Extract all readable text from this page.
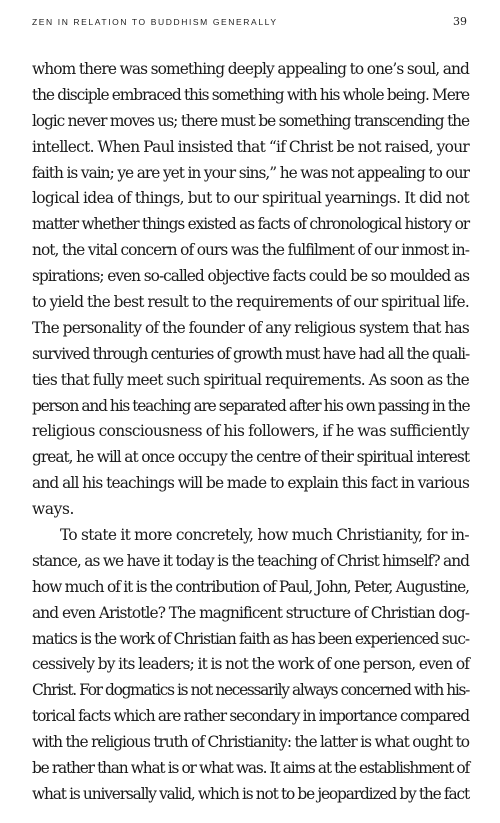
ZEN IN RELATION TO BUDDHISM GENERALLY	39
whom there was something deeply appealing to one’s soul, and
the disciple embraced this something with his whole being. Mere
logic never moves us; there must be something transcending the
intellect. When Paul insisted that “if Christ be not raised, your
faith is vain; ye are yet in your sins,” he was not appealing to our
logical idea of things, but to our spiritual yearnings. It did not
matter whether things existed as facts of chronological history or
not, the vital concern of ours was the fulfilment of our inmost in-
spirations; even so-called objective facts could be so moulded as
to yield the best result to the requirements of our spiritual life.
The personality of the founder of any religious system that has
survived through centuries of growth must have had all the quali-
ties that fully meet such spiritual requirements. As soon as the
person and his teaching are separated after his own passing in the
religious consciousness of his followers, if he was sufficiently
great, he will at once occupy the centre of their spiritual interest
and all his teachings will be made to explain this fact in various
ways.
To state it more concretely, how much Christianity, for in-
stance, as we have it today is the teaching of Christ himself? and
how much of it is the contribution of Paul, John, Peter, Augustine,
and even Aristotle? The magnificent structure of Christian dog-
matics is the work of Christian faith as has been experienced suc-
cessively by its leaders; it is not the work of one person, even of
Christ. For dogmatics is not necessarily always concerned with his-
torical facts which are rather secondary in importance compared
with the religious truth of Christianity: the latter is what ought to
be rather than what is or what was. It aims at the establishment of
what is universally valid, which is not to be jeopardized by the fact
